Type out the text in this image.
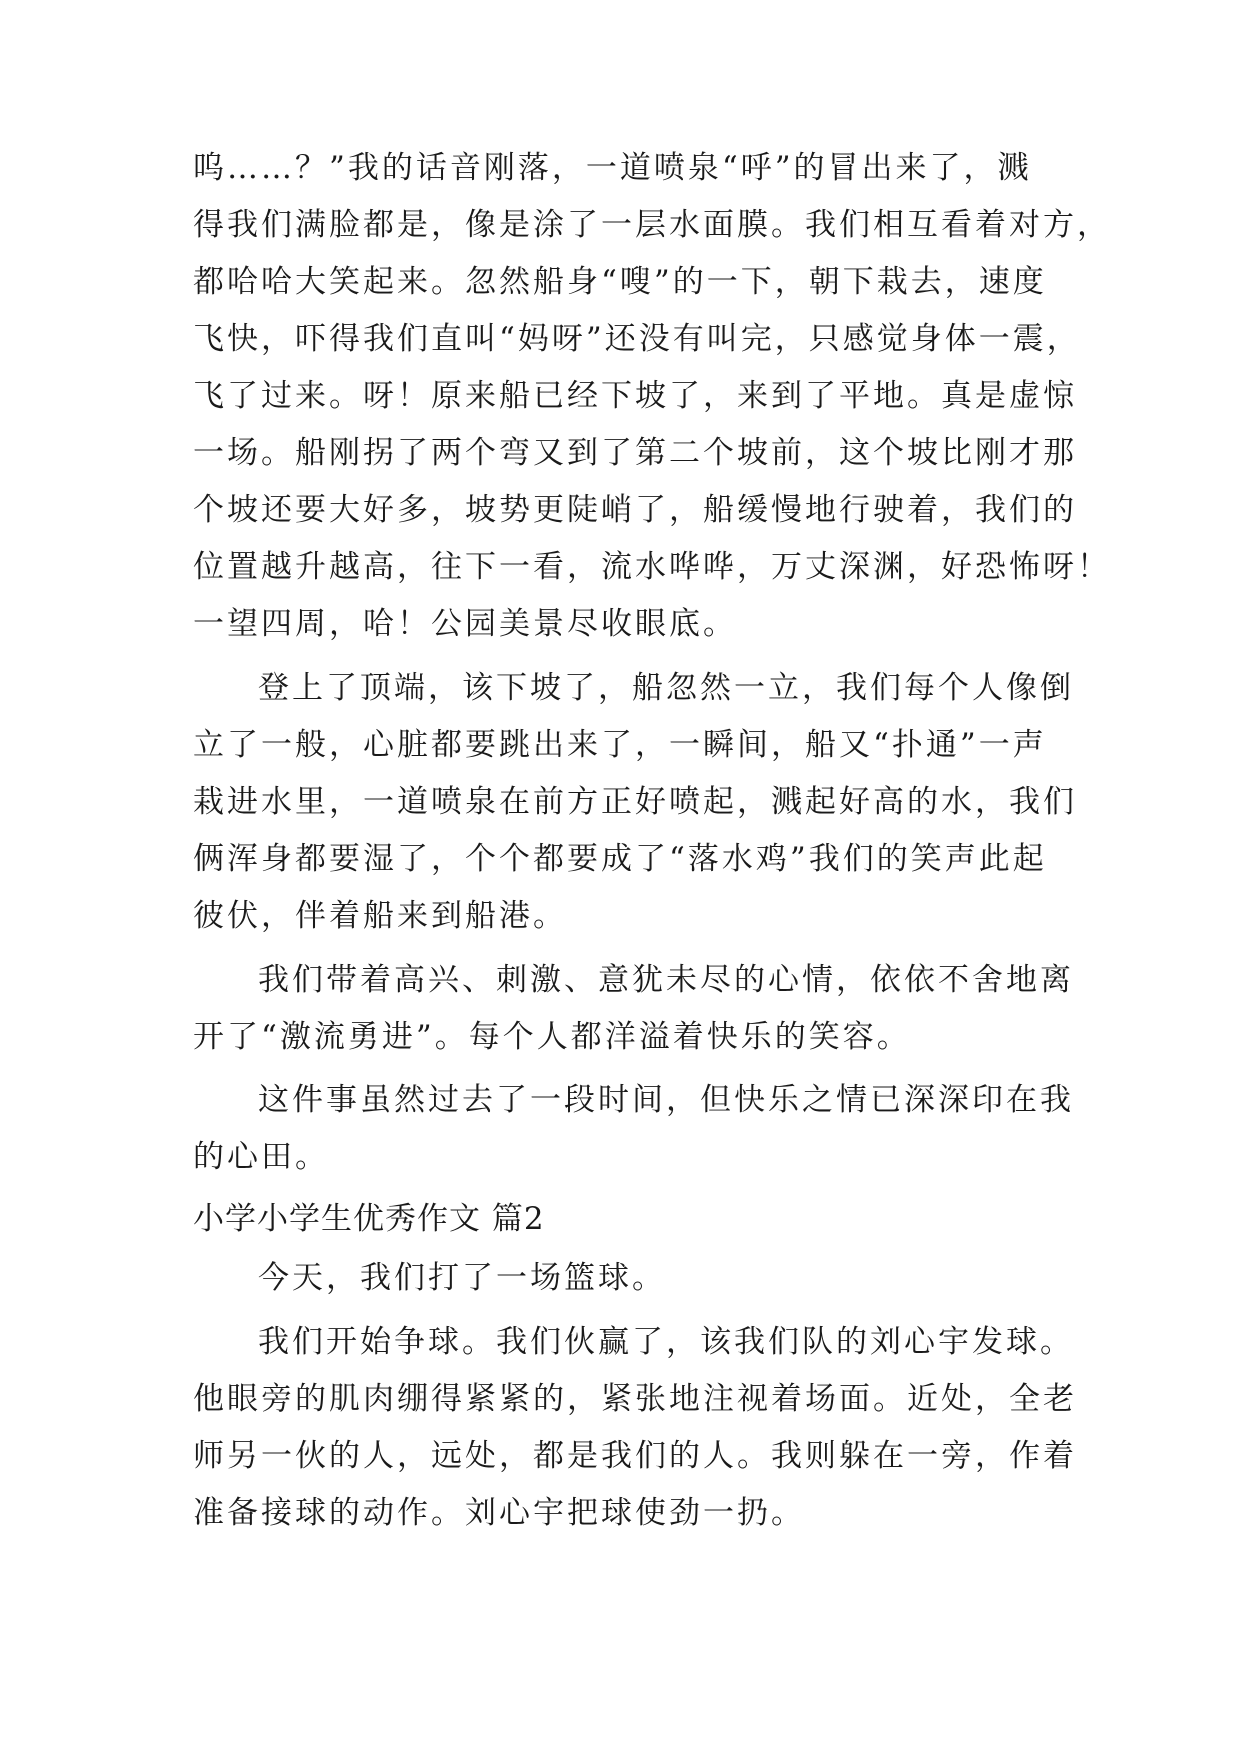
呜……？”我的话音刚落，一道喷泉“呼”的冒出来了，溅
得我们满脸都是，像是涂了一层水面膜。我们相互看着对方，
都哈哈大笑起来。忽然船身“嗖”的一下，朝下栽去，速度
飞快，吓得我们直叫“妈呀”还没有叫完，只感觉身体一震，
飞了过来。呀！原来船已经下坡了，来到了平地。真是虚惊
一场。船刚拐了两个弯又到了第二个坡前，这个坡比刚才那
个坡还要大好多，坡势更陡峭了，船缓慢地行驶着，我们的
位置越升越高，往下一看，流水哗哗，万丈深渊，好恐怖呀！
一望四周，哈！公园美景尽收眼底。
登上了顶端，该下坡了，船忽然一立，我们每个人像倒
立了一般，心脏都要跳出来了，一瞬间，船又“扑通”一声
栽进水里，一道喷泉在前方正好喷起，溅起好高的水，我们
俩浑身都要湿了，个个都要成了“落水鸡”我们的笑声此起
彼伏，伴着船来到船港。
我们带着高兴、刺激、意犹未尽的心情，依依不舍地离
开了“激流勇进”。每个人都洋溢着快乐的笑容。
这件事虽然过去了一段时间，但快乐之情已深深印在我
的心田。
小学小学生优秀作文 篇2
今天，我们打了一场篮球。
我们开始争球。我们伙赢了，该我们队的刘心宇发球。
他眼旁的肌肉绷得紧紧的，紧张地注视着场面。近处，全老
师另一伙的人，远处，都是我们的人。我则躲在一旁，作着
准备接球的动作。刘心宇把球使劲一扔。
